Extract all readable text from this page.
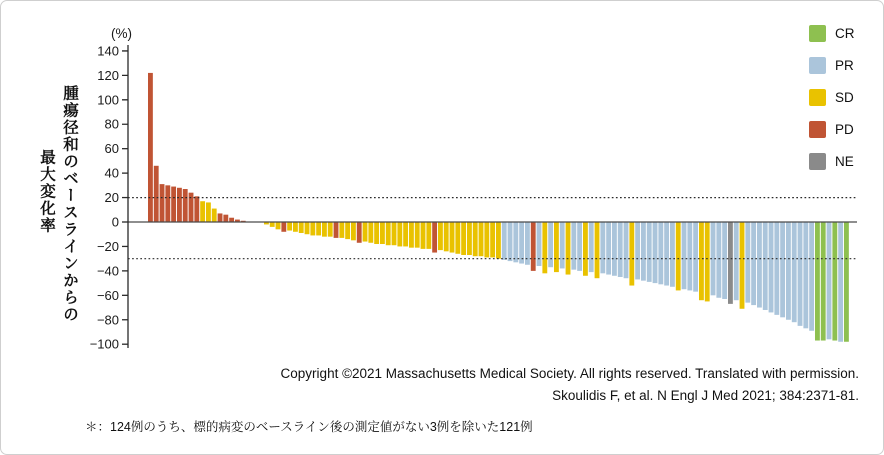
140
120
100
80
60
40
20
0
−20
−40
−60
−80
−100
(%)
腫瘍径和のベースラインからの
最大変化率
CR
PR
SD
PD
NE
Copyright ©2021 Massachusetts Medical Society. All rights reserved. Translated with permission.
Skoulidis F, et al. N Engl J Med 2021; 384:2371-81.
＊：124例のうち、標的病変のベースライン後の測定値がない3例を除いた121例
